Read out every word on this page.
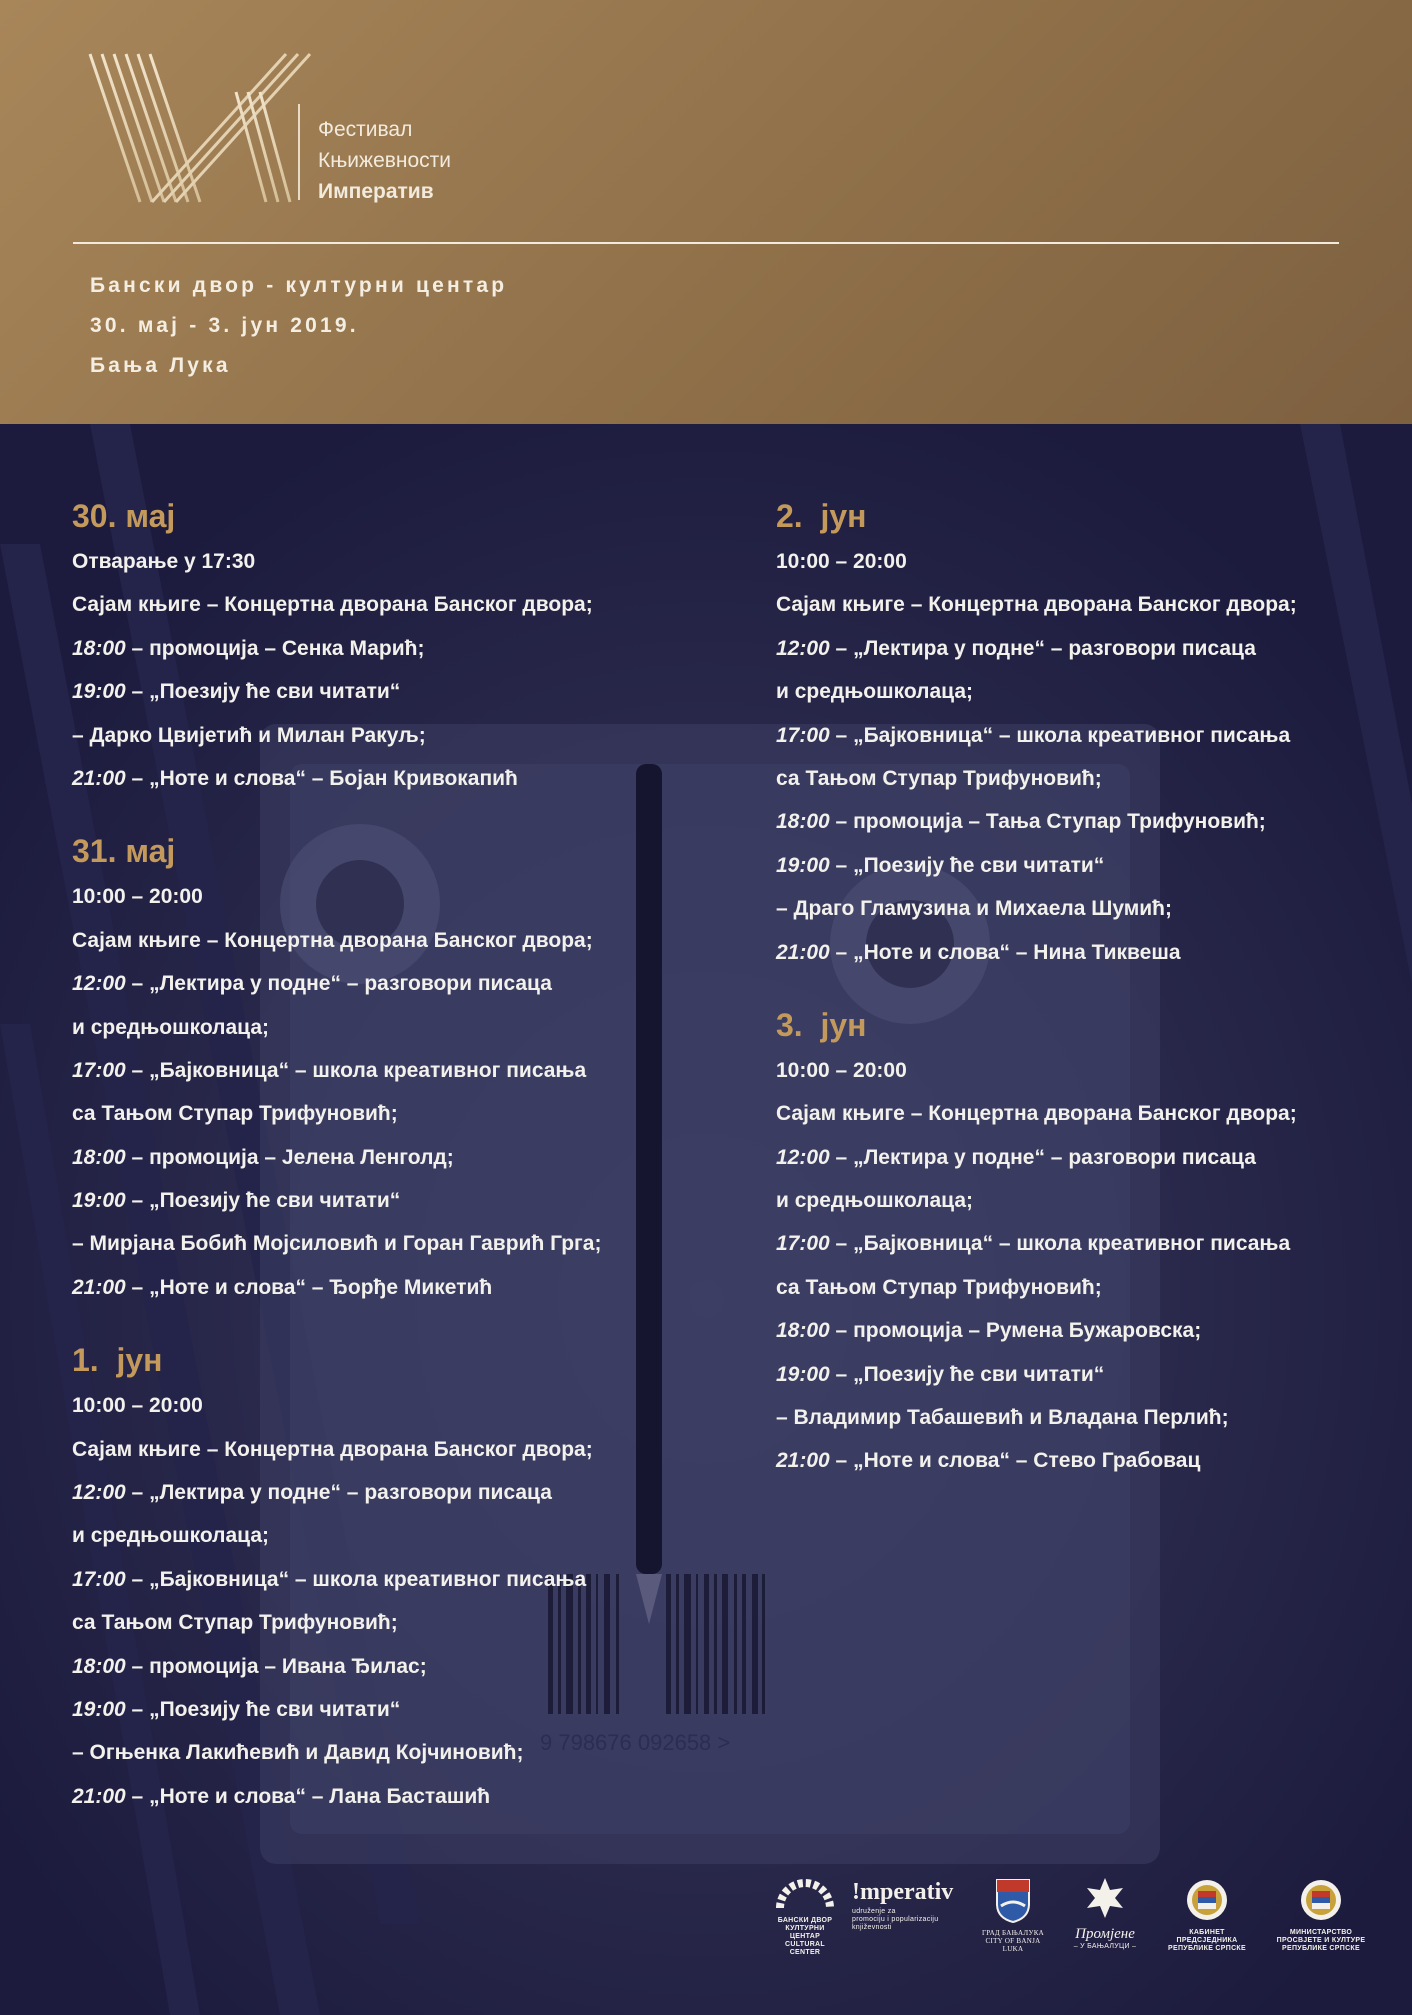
Фестивал
Књижевности
Императив
Бански двор - културни центар
30. мај - 3. јун 2019.
Бања Лука
9 798676 092658 >
30. мај
Отварање у 17:30
Сајам књиге – Концертна дворана Банског двора;
18:00 – промоција – Сенка Марић;
19:00 – „Поезију ће сви читати“
– Дарко Цвијетић и Милан Ракуљ;
21:00 – „Ноте и слова“ – Бојан Кривокапић
31. мај
10:00 – 20:00
Сајам књиге – Концертна дворана Банског двора;
12:00 – „Лектира у подне“ – разговори писаца
и средњошколаца;
17:00 – „Бајковница“ – школа креативног писања
са Тањом Ступар Трифуновић;
18:00 – промоција – Јелена Ленголд;
19:00 – „Поезију ће сви читати“
– Мирјана Бобић Мојсиловић и Горан Гаврић Грга;
21:00 – „Ноте и слова“ – Ђорђе Микетић
1.  јун
10:00 – 20:00
Сајам књиге – Концертна дворана Банског двора;
12:00 – „Лектира у подне“ – разговори писаца
и средњошколаца;
17:00 – „Бајковница“ – школа креативног писања
са Тањом Ступар Трифуновић;
18:00 – промоција – Ивана Ђилас;
19:00 – „Поезију ће сви читати“
– Огњенка Лакићевић и Давид Којчиновић;
21:00 – „Ноте и слова“ – Лана Басташић
2.  јун
10:00 – 20:00
Сајам књиге – Концертна дворана Банског двора;
12:00 – „Лектира у подне“ – разговори писаца
и средњошколаца;
17:00 – „Бајковница“ – школа креативног писања
са Тањом Ступар Трифуновић;
18:00 – промоција – Тања Ступар Трифуновић;
19:00 – „Поезију ће сви читати“
– Драго Гламузина и Михаела Шумић;
21:00 – „Ноте и слова“ – Нина Тиквеша
3.  јун
10:00 – 20:00
Сајам књиге – Концертна дворана Банског двора;
12:00 – „Лектира у подне“ – разговори писаца
и средњошколаца;
17:00 – „Бајковница“ – школа креативног писања
са Тањом Ступар Трифуновић;
18:00 – промоција – Румена Бужаровска;
19:00 – „Поезију ће сви читати“
– Владимир Табашевић и Владана Перлић;
21:00 – „Ноте и слова“ – Стево Грабовац
БАНСКИ ДВОР
КУЛТУРНИ ЦЕНТАР
CULTURAL CENTER
!mperativ
udruženje za
promociju i popularizaciju
književnosti
ГРАД БАЊАЛУКА
CITY OF BANJA LUKA
Промјене
– У БАЊАЛУЦИ –
КАБИНЕТ
ПРЕДСЈЕДНИКА
РЕПУБЛИКЕ СРПСКЕ
МИНИСТАРСТВО
ПРОСВЈЕТЕ И КУЛТУРЕ
РЕПУБЛИКЕ СРПСКЕ
